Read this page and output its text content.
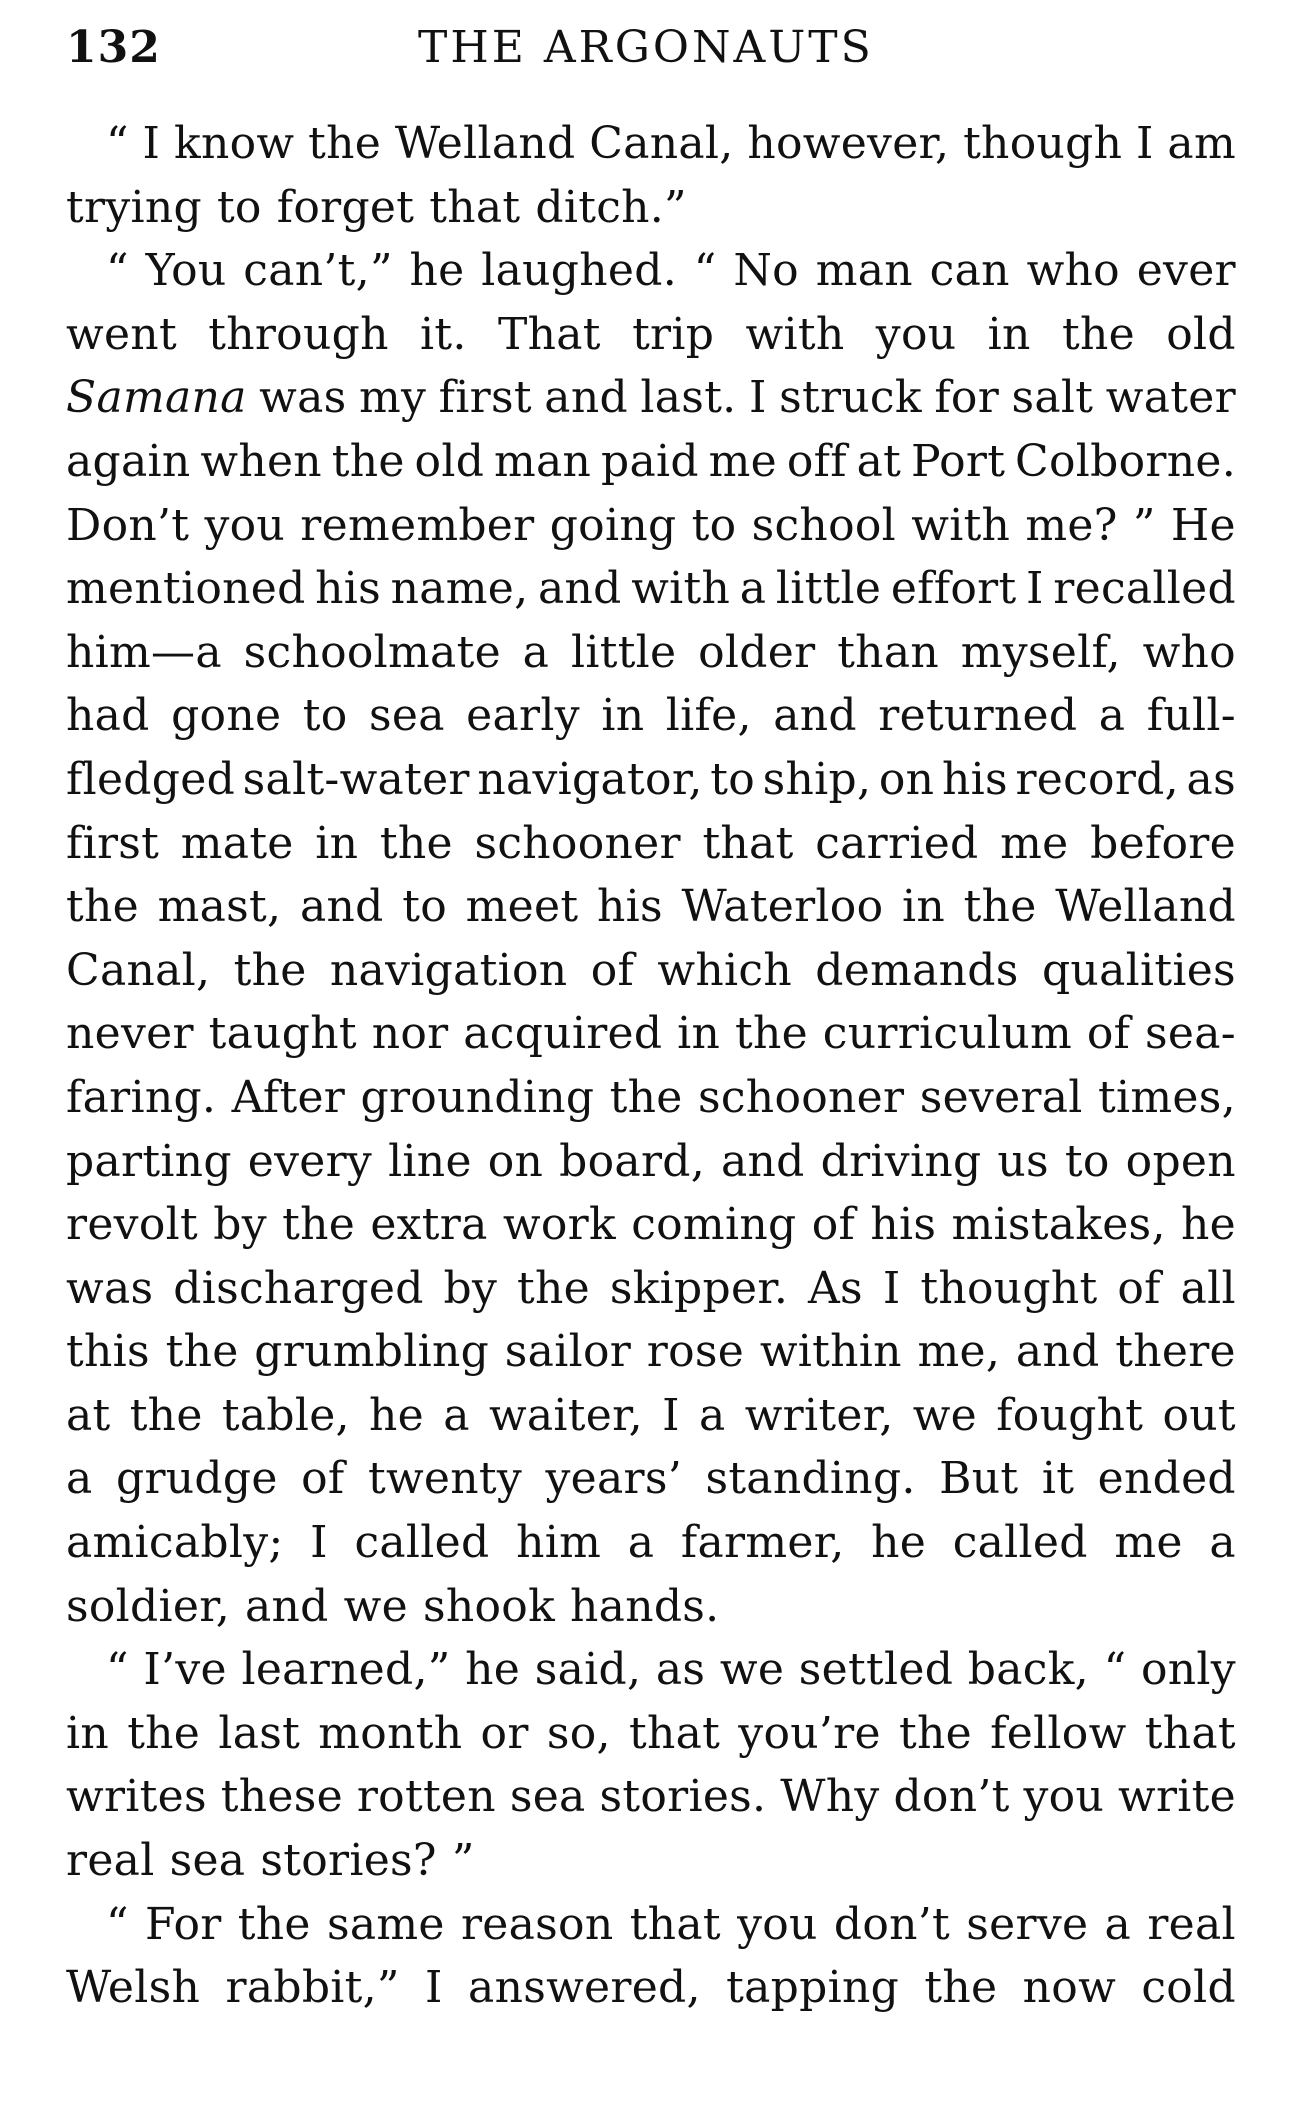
132	THE ARGONAUTS
“ I know the Welland Canal, however, though I am
trying to forget that ditch.”
“ You can’t,” he laughed. “ No man can who ever
went through it. That trip with you in the old
Samana was my first and last. I struck for salt water
again when the old man paid me off at Port Colborne.
Don’t you remember going to school with me? ” He
mentioned his name, and with a little effort I recalled
him—a schoolmate a little older than myself, who
had gone to sea early in life, and returned a full-
fledged salt-water navigator, to ship, on his record, as
first mate in the schooner that carried me before
the mast, and to meet his Waterloo in the Welland
Canal, the navigation of which demands qualities
never taught nor acquired in the curriculum of sea-
faring. After grounding the schooner several times,
parting every line on board, and driving us to open
revolt by the extra work coming of his mistakes, he
was discharged by the skipper. As I thought of all
this the grumbling sailor rose within me, and there
at the table, he a waiter, I a writer, we fought out
a grudge of twenty years’ standing. But it ended
amicably; I called him a farmer, he called me a
soldier, and we shook hands.
“ I’ve learned,” he said, as we settled back, “ only
in the last month or so, that you’re the fellow that
writes these rotten sea stories. Why don’t you write
real sea stories? ”
“ For the same reason that you don’t serve a real
Welsh rabbit,” I answered, tapping the now cold
